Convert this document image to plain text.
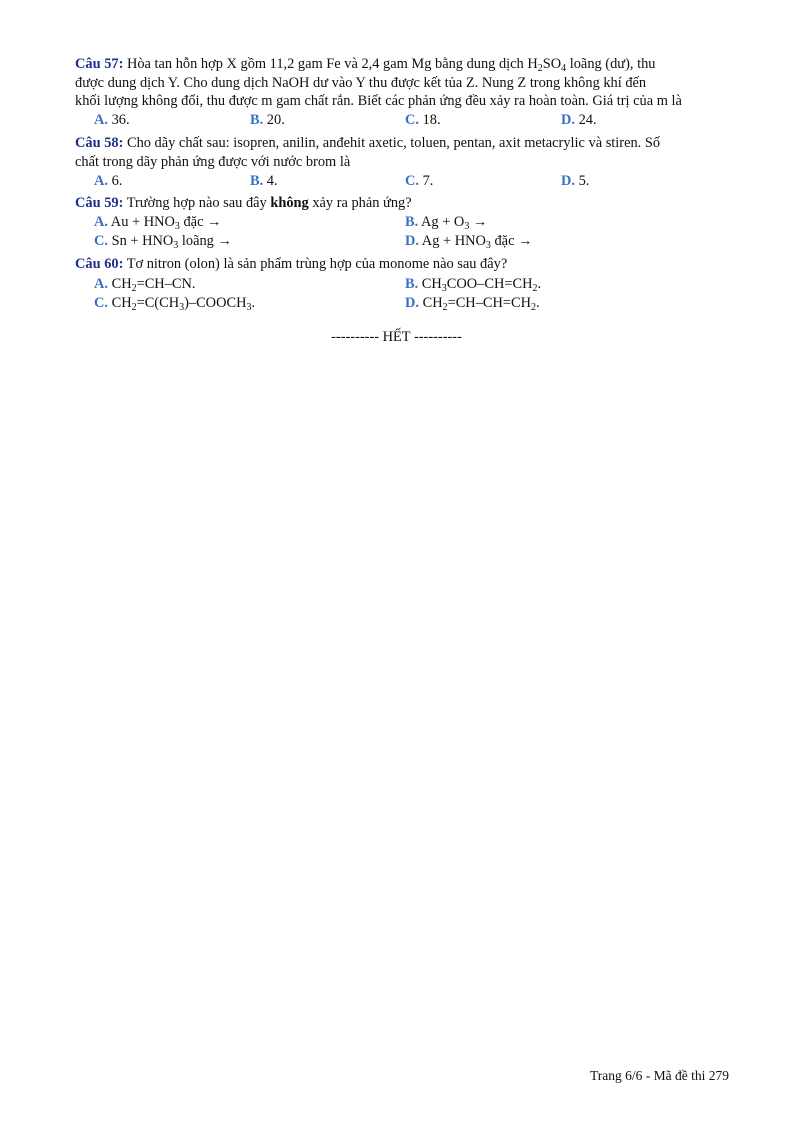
Câu 57: Hòa tan hỗn hợp X gồm 11,2 gam Fe và 2,4 gam Mg bằng dung dịch $H_2SO_4$ loãng (dư), thu
được dung dịch Y. Cho dung dịch NaOH dư vào Y thu được kết tủa Z. Nung Z trong không khí đến
khối lượng không đổi, thu được m gam chất rắn. Biết các phản ứng đều xảy ra hoàn toàn. Giá trị của m là
A. 36.	B. 20.	C. 18.	D. 24.
Câu 58: Cho dãy chất sau: isopren, anilin, anđehit axetic, toluen, pentan, axit metacrylic và stiren. Số
chất trong dãy phản ứng được với nước brom là
A. 6.	B. 4.	C. 7.	D. 5.
Câu 59: Trường hợp nào sau đây không xảy ra phản ứng?
A. $Au + HNO_3$ đặc →	B. $Ag + O_3$ →
C. $Sn + HNO_3$ loãng →	D. $Ag + HNO_3$ đặc →
Câu 60: Tơ nitron (olon) là sản phẩm trùng hợp của monome nào sau đây?
A. $CH_2=CH-CN$.	B. $CH_3COO-CH=CH_2$.
C. $CH_2=C(CH_3)-COOCH_3$.	D. $CH_2=CH-CH=CH_2$.
---------- HẾT ----------
Trang 6/6 - Mã đề thi 279
